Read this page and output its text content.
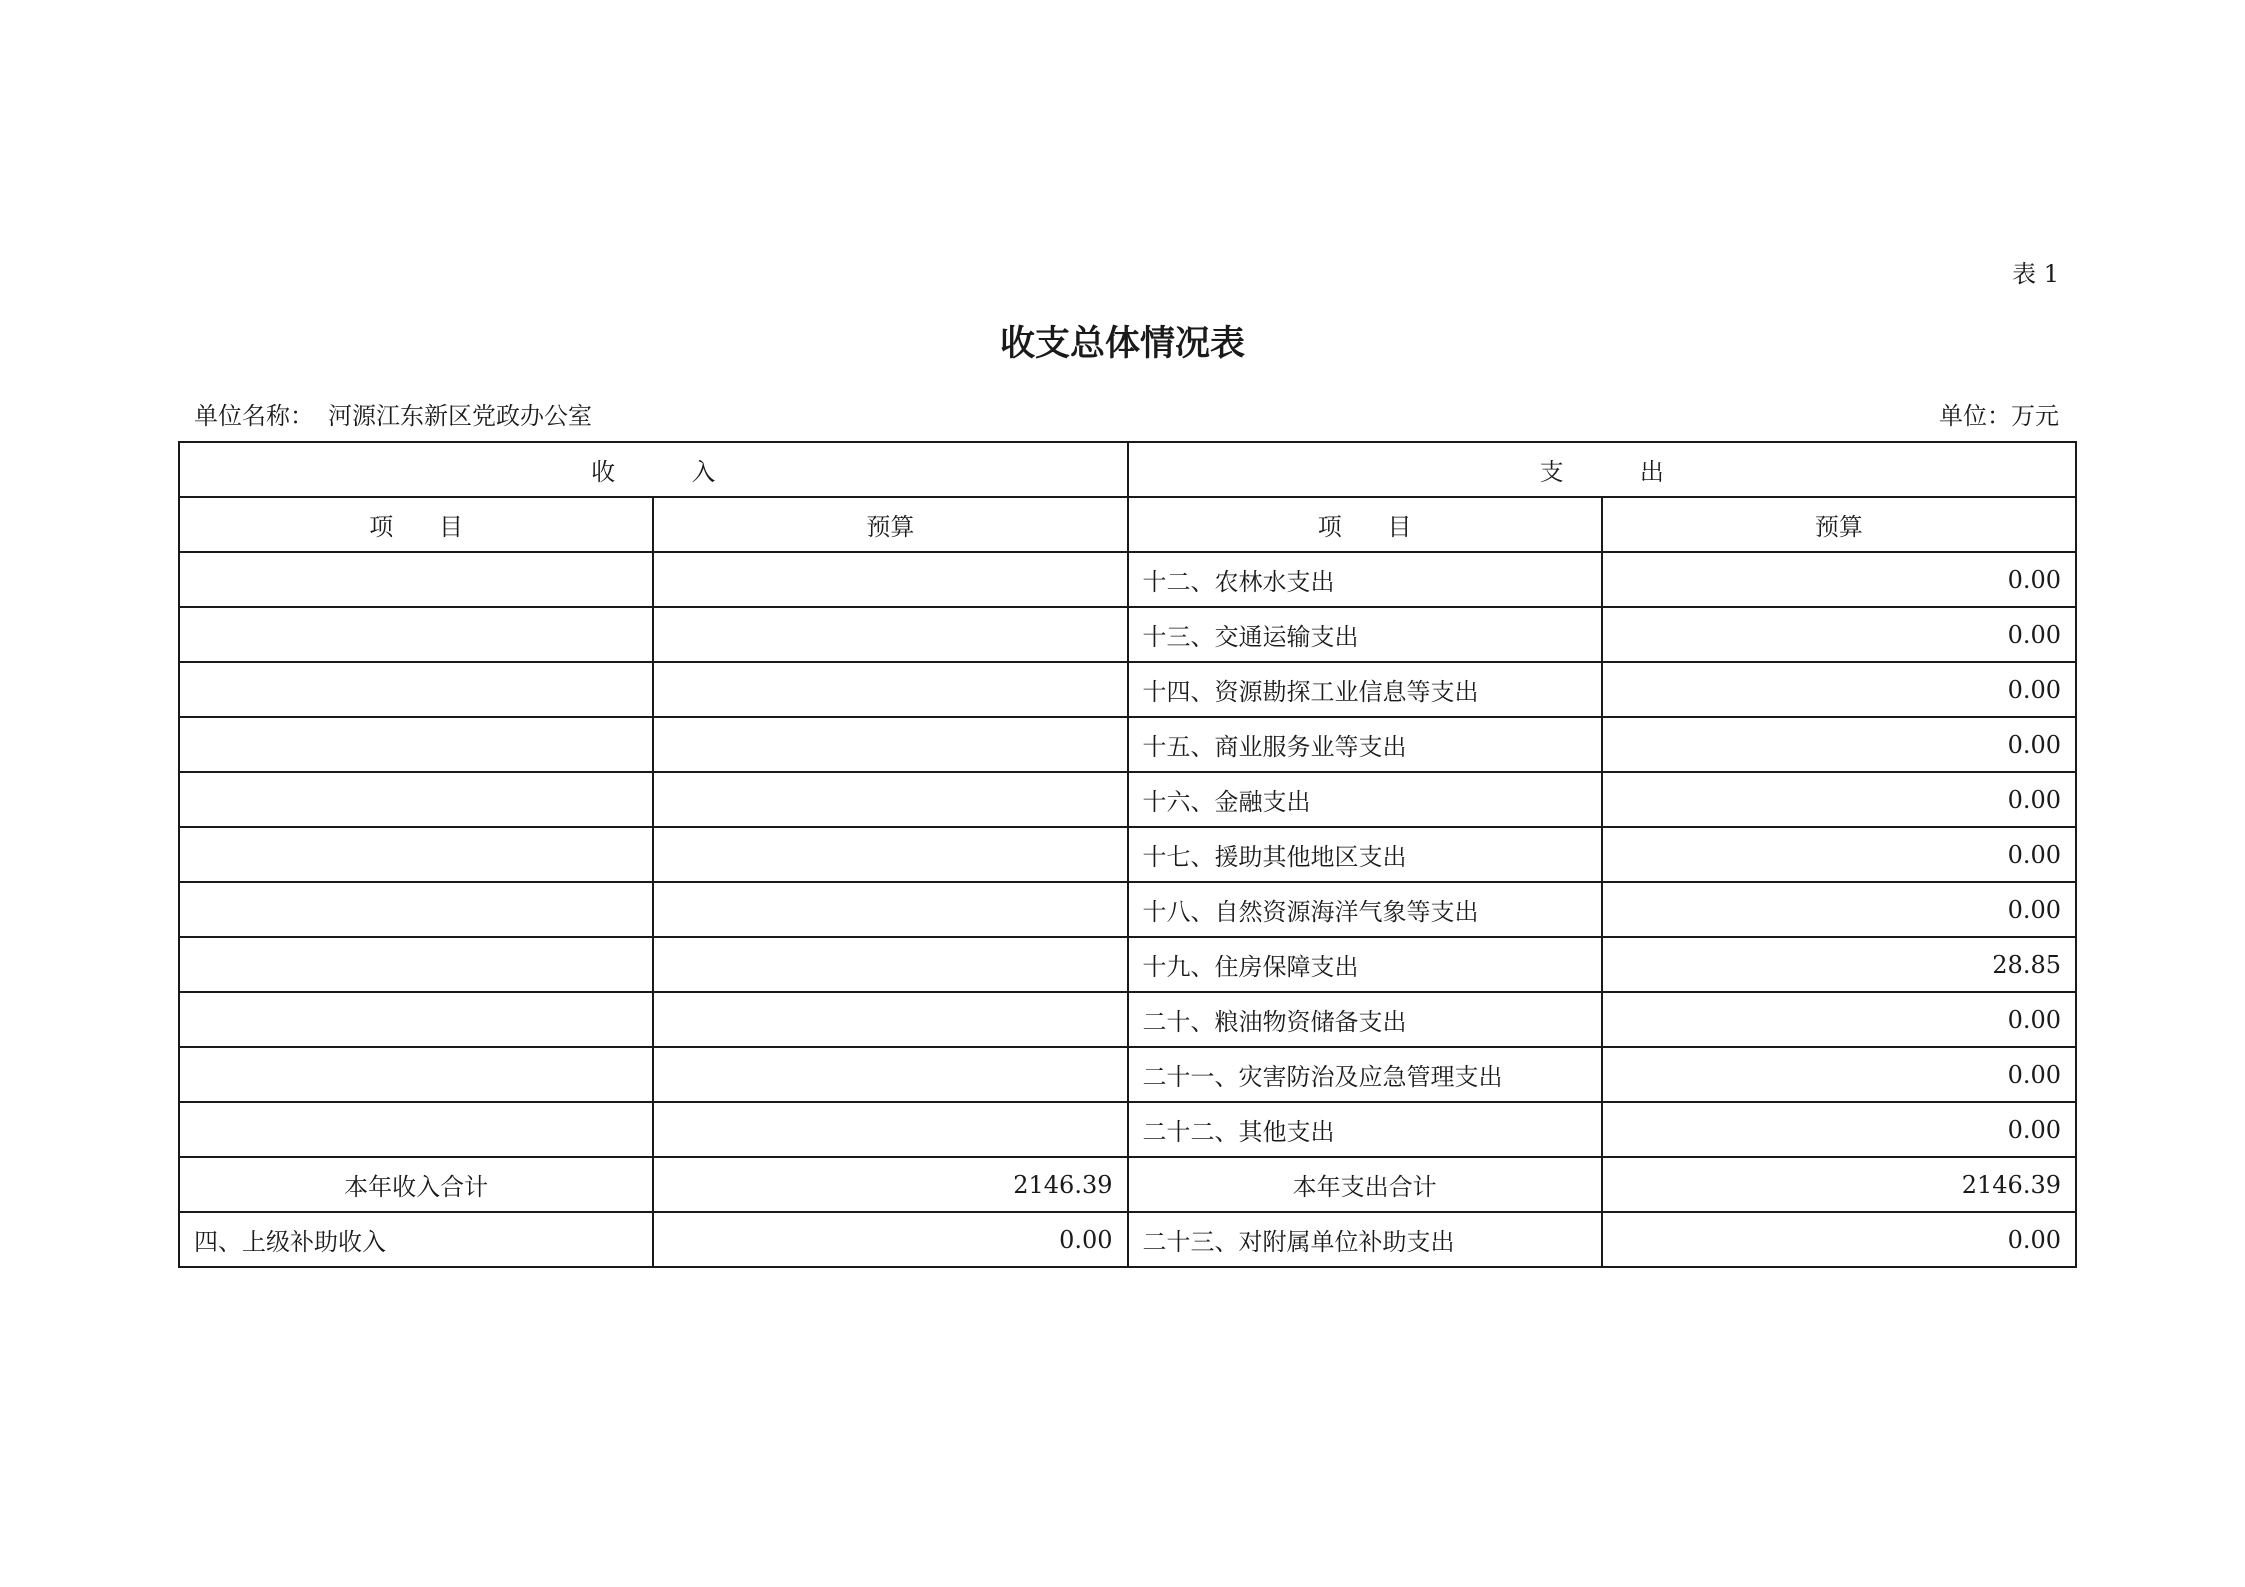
表 1
收支总体情况表
单位名称： 河源江东新区党政办公室	单位：万元
收          入		支          出	
项      目	预算	项      目	预算
		十二、农林水支出	0.00
		十三、交通运输支出	0.00
		十四、资源勘探工业信息等支出	0.00
		十五、商业服务业等支出	0.00
		十六、金融支出	0.00
		十七、援助其他地区支出	0.00
		十八、自然资源海洋气象等支出	0.00
		十九、住房保障支出	28.85
		二十、粮油物资储备支出	0.00
		二十一、灾害防治及应急管理支出	0.00
		二十二、其他支出	0.00
本年收入合计	2146.39	本年支出合计	2146.39
四、上级补助收入	0.00	二十三、对附属单位补助支出	0.00
